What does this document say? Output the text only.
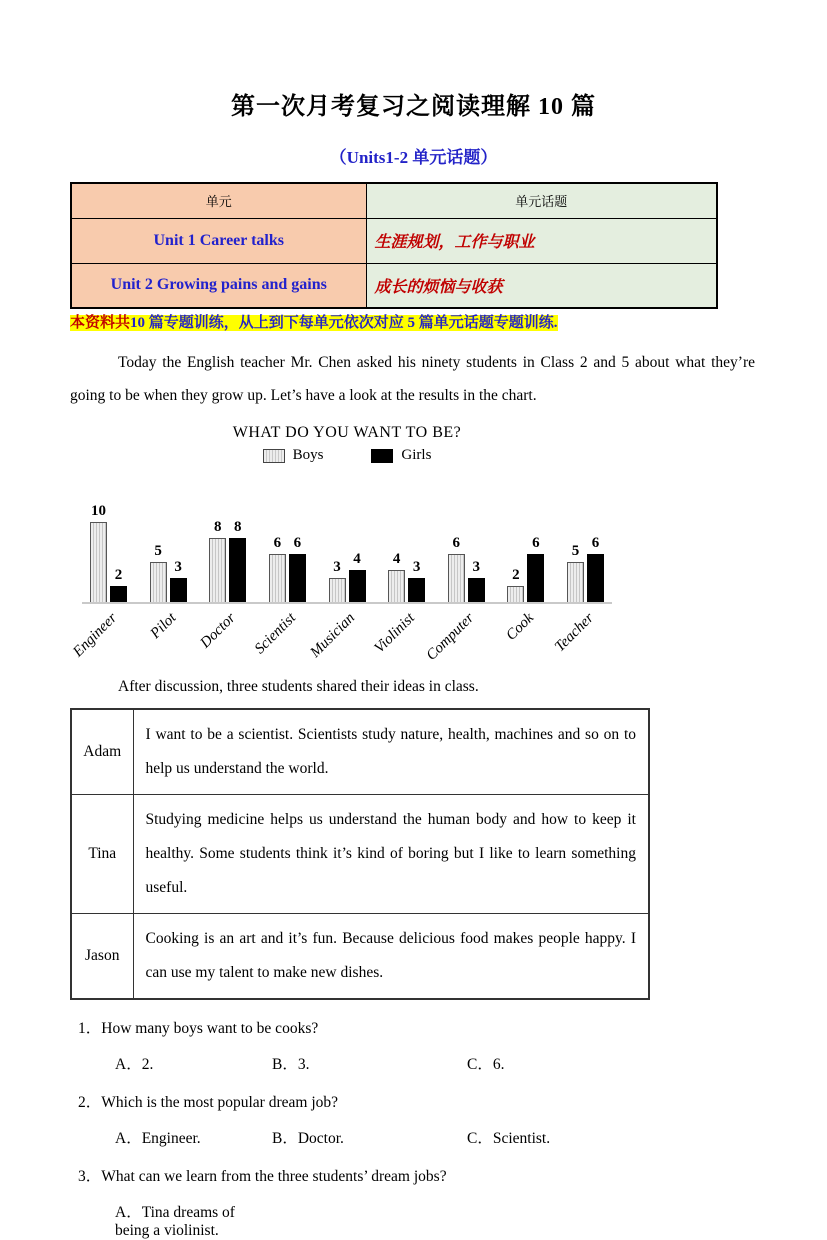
第一次月考复习之阅读理解 10 篇
（Units1-2 单元话题）
单元	单元话题
Unit 1 Career talks	生涯规划，工作与职业
Unit 2 Growing pains and gains	成长的烦恼与收获
本资料共10 篇专题训练，从上到下每单元依次对应 5 篇单元话题专题训练.
Today the English teacher Mr. Chen asked his ninety students in Class 2 and 5 about what they’re going to be when they grow up. Let’s have a look at the results in the chart.
WHAT DO YOU WANT TO BE?
Boys	Girls
10
2
Engineer
5
3
Pilot
8 8
Doctor
6 6
Scientist
3 4
Musician
4 3
Violinist
6
3
Computer
2
6
Cook
5 6
Teacher
After discussion, three students shared their ideas in class.
Adam	I want to be a scientist. Scientists study nature, health, machines and so on to help us understand the world.
Tina	Studying medicine helps us understand the human body and how to keep it healthy. Some students think it’s kind of boring but I like to learn something useful.
Jason	Cooking is an art and it’s fun. Because delicious food makes people happy. I can use my talent to make new dishes.
1．How many boys want to be cooks?
A．2.	B．3.	C．6.
2．Which is the most popular dream job?
A．Engineer.	B．Doctor.	C．Scientist.
3．What can we learn from the three students’ dream jobs?
A．Tina dreams of being a violinist.
